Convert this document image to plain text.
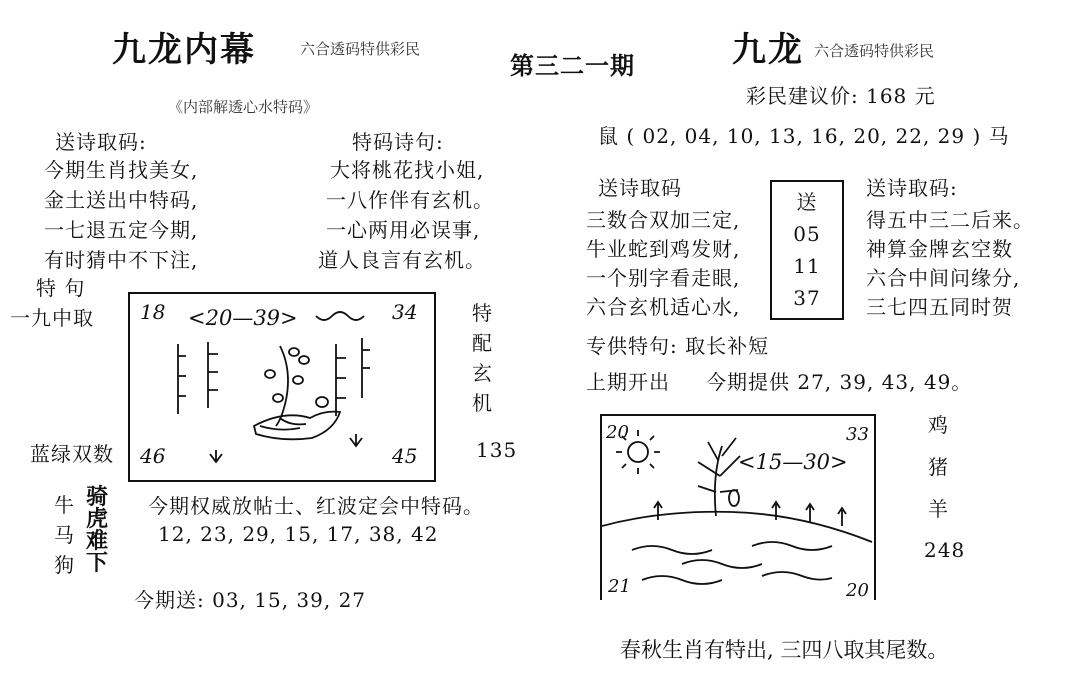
九龙内幕	六合透码特供彩民
《内部解透心水特码》
送诗取码:
今期生肖找美女,
金土送出中特码,
一七退五定今期,
有时猜中不下注,
特码诗句:
大将桃花找小姐,
一八作伴有玄机。
一心两用必误事,
道人良言有玄机。
特 句
一九中取
蓝绿双数
18	34
46	45
<20—39>	特
配
玄
机
135
牛
马
狗
骑
虎
难
下
今期权威放帖士、红波定会中特码。
12, 23, 29, 15, 17, 38, 42
今期送: 03, 15, 39, 27
第三二一期	九龙 六合透码特供彩民
彩民建议价: 168 元
鼠 ( 02, 04, 10, 13, 16, 20, 22, 29 ) 马
送诗取码	送诗取码:
三数合双加三定,
牛业蛇到鸡发财,
一个别字看走眼,
六合玄机适心水,
送
05
11
37
得五中三二后来。
神算金牌玄空数
六合中间问缘分,
三七四五同时贺
专供特句: 取长补短
上期开出 今期提供 27, 39, 43, 49。
20	33
21	20
<15—30>
鸡
猪
羊
248
春秋生肖有特出, 三四八取其尾数。
